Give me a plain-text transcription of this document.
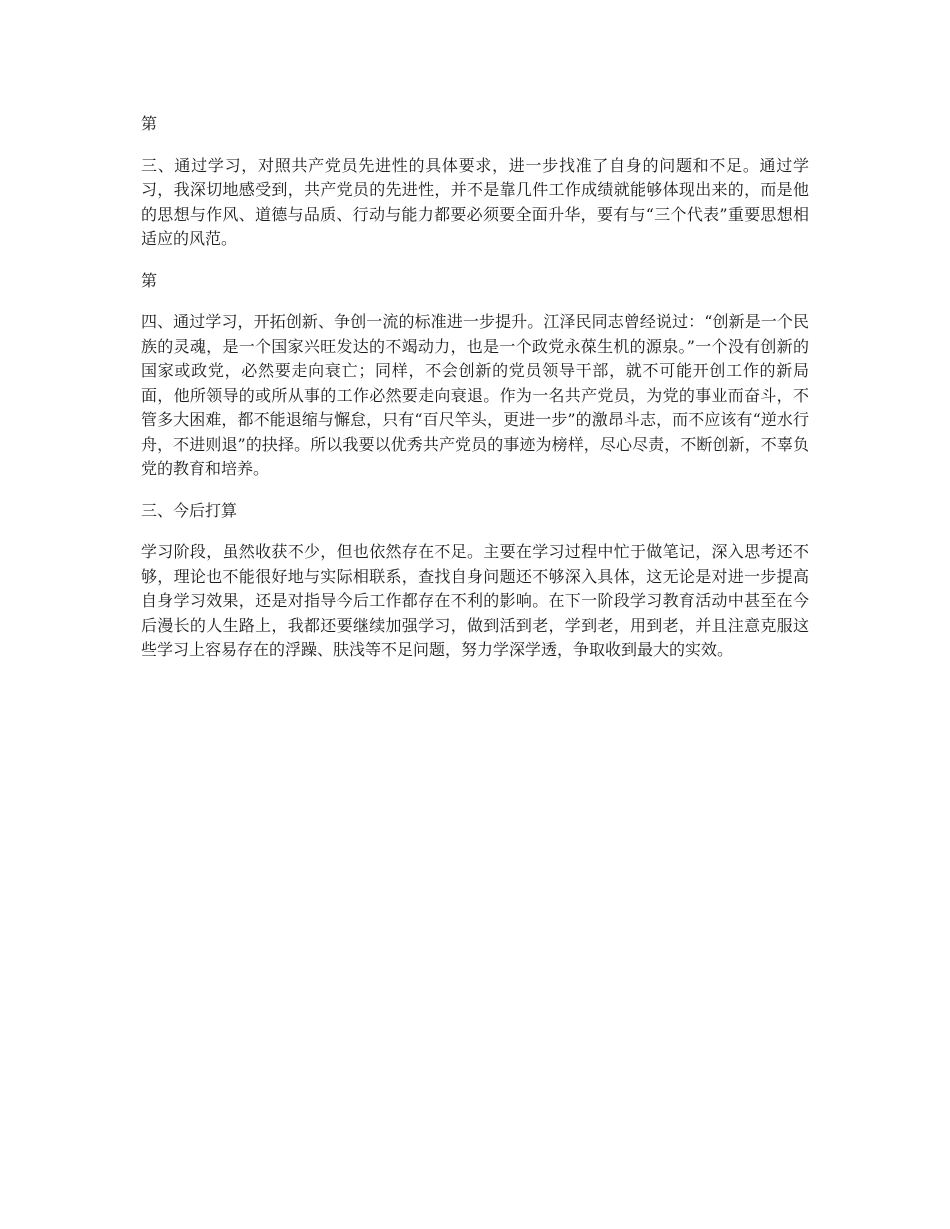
第

三、通过学习，对照共产党员先进性的具体要求，进一步找准了自身的问题和不足。通过学习，我深切地感受到，共产党员的先进性，并不是靠几件工作成绩就能够体现出来的，而是他的思想与作风、道德与品质、行动与能力都要必须要全面升华，要有与“三个代表”重要思想相适应的风范。

第

四、通过学习，开拓创新、争创一流的标准进一步提升。江泽民同志曾经说过：“创新是一个民族的灵魂，是一个国家兴旺发达的不竭动力，也是一个政党永葆生机的源泉。”一个没有创新的国家或政党，必然要走向衰亡；同样，不会创新的党员领导干部，就不可能开创工作的新局面，他所领导的或所从事的工作必然要走向衰退。作为一名共产党员，为党的事业而奋斗，不管多大困难，都不能退缩与懈怠，只有“百尺竿头，更进一步”的激昂斗志，而不应该有“逆水行舟，不进则退”的抉择。所以我要以优秀共产党员的事迹为榜样，尽心尽责，不断创新，不辜负党的教育和培养。

三、今后打算

学习阶段，虽然收获不少，但也依然存在不足。主要在学习过程中忙于做笔记，深入思考还不够，理论也不能很好地与实际相联系，查找自身问题还不够深入具体，这无论是对进一步提高自身学习效果，还是对指导今后工作都存在不利的影响。在下一阶段学习教育活动中甚至在今后漫长的人生路上，我都还要继续加强学习，做到活到老，学到老，用到老，并且注意克服这些学习上容易存在的浮躁、肤浅等不足问题，努力学深学透，争取收到最大的实效。
